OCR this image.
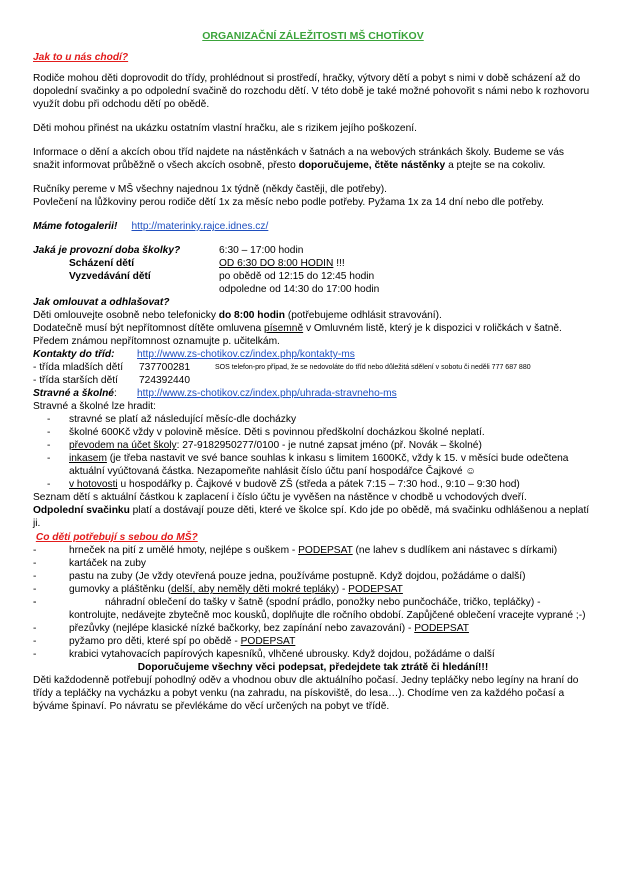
ORGANIZAČNÍ ZÁLEŽITOSTI MŠ CHOTÍKOV

Jak to u nás chodí?

Rodiče mohou děti doprovodit do třídy, prohlédnout si prostředí, hračky, výtvory dětí a pobyt s nimi v době scházení až do dopolední svačinky a po odpolední svačině do rozchodu dětí. V této době je také možné pohovořit s námi nebo k rozhovoru využít dobu při odchodu dětí po obědě.

Děti mohou přinést na ukázku ostatním vlastní hračku, ale s rizikem jejího poškození.

Informace o dění a akcích obou tříd najdete na nástěnkách v šatnách a na webových stránkách školy. Budeme se vás snažit informovat průběžně o všech akcích osobně, přesto doporučujeme, čtěte nástěnky a ptejte se na cokoliv.

Ručníky pereme v MŠ všechny najednou 1x týdně (někdy častěji, dle potřeby).

Povlečení na lůžkoviny perou rodiče dětí 1x za měsíc nebo podle potřeby. Pyžama 1x za 14 dní nebo dle potřeby.

Máme fotogalerii! http://materinky.rajce.idnes.cz/

Jaká je provozní doba školky?	6:30 – 17:00 hodin
Scházení dětí	OD 6:30 DO 8:00 HODIN !!!
Vyzvedávání dětí	po obědě od 12:15 do 12:45 hodin
odpoledne od 14:30 do 17:00 hodin

Jak omlouvat a odhlašovat?

Děti omlouvejte osobně nebo telefonicky do 8:00 hodin (potřebujeme odhlásit stravování).

Dodatečně musí být nepřítomnost dítěte omluvena písemně v Omluvném listě, který je k dispozici v roličkách v šatně. Předem známou nepřítomnost oznamujte p. učitelkám.

Kontakty do tříd: http://www.zs-chotikov.cz/index.php/kontakty-ms

- třída mladších dětí	737700281	SOS telefon-pro případ, že se nedovoláte do tříd nebo důležitá sdělení v sobotu či neděli 777 687 880
- třída starších dětí	724392440

Stravné a školné: http://www.zs-chotikov.cz/index.php/uhrada-stravneho-ms

Stravné a školné lze hradit:

- stravné se platí až následující měsíc-dle docházky
- školné 600Kč vždy v polovině měsíce. Děti s povinnou předškolní docházkou školné neplatí.
- převodem na účet školy: 27-9182950277/0100 - je nutné zapsat jméno (př. Novák – školné)
- inkasem (je třeba nastavit ve své bance souhlas k inkasu s limitem 1600Kč, vždy k 15. v měsíci bude odečtena aktuální vyúčtovaná částka. Nezapomeňte nahlásit číslo účtu paní hospodářce Čajkové ☺
- v hotovosti u hospodářky p. Čajkové v budově ZŠ (středa a pátek 7:15 – 7:30 hod., 9:10 – 9:30 hod)

Seznam dětí s aktuální částkou k zaplacení i číslo účtu je vyvěšen na nástěnce v chodbě u vchodových dveří.

Odpolední svačinku platí a dostávají pouze děti, které ve školce spí. Kdo jde po obědě, má svačinku odhlášenou a neplatí ji.

Co děti potřebují s sebou do MŠ?

- hrneček na pití z umělé hmoty, nejlépe s ouškem - PODEPSAT (ne lahev s dudlíkem ani nástavec s dírkami)
- kartáček na zuby
- pastu na zuby (Je vždy otevřená pouze jedna, používáme postupně. Když dojdou, požádáme o další)
- gumovky a pláštěnku (delší, aby neměly děti mokré tepláky) - PODEPSAT
- -	náhradní oblečení do tašky v šatně (spodní prádlo, ponožky nebo punčocháče, tričko, tepláčky) - kontrolujte, nedávejte zbytečně moc kousků, doplňujte dle ročního období. Zapůjčené oblečení vracejte vyprané ;-)
- přezůvky (nejlépe klasické nízké bačkorky, bez zapínání nebo zavazování) - PODEPSAT
- pyžamo pro děti, které spí po obědě - PODEPSAT
- krabici vytahovacích papírových kapesníků, vlhčené ubrousky. Když dojdou, požádáme o další

Doporučujeme všechny věci podepsat, předejdete tak ztrátě či hledání!!!

Děti každodenně potřebují pohodlný oděv a vhodnou obuv dle aktuálního počasí. Jedny tepláčky nebo legíny na hraní do třídy a tepláčky na vycházku a pobyt venku (na zahradu, na pískoviště, do lesa…). Chodíme ven za každého počasí a býváme špinaví. Po návratu se převlékáme do věcí určených na pobyt ve třídě.
